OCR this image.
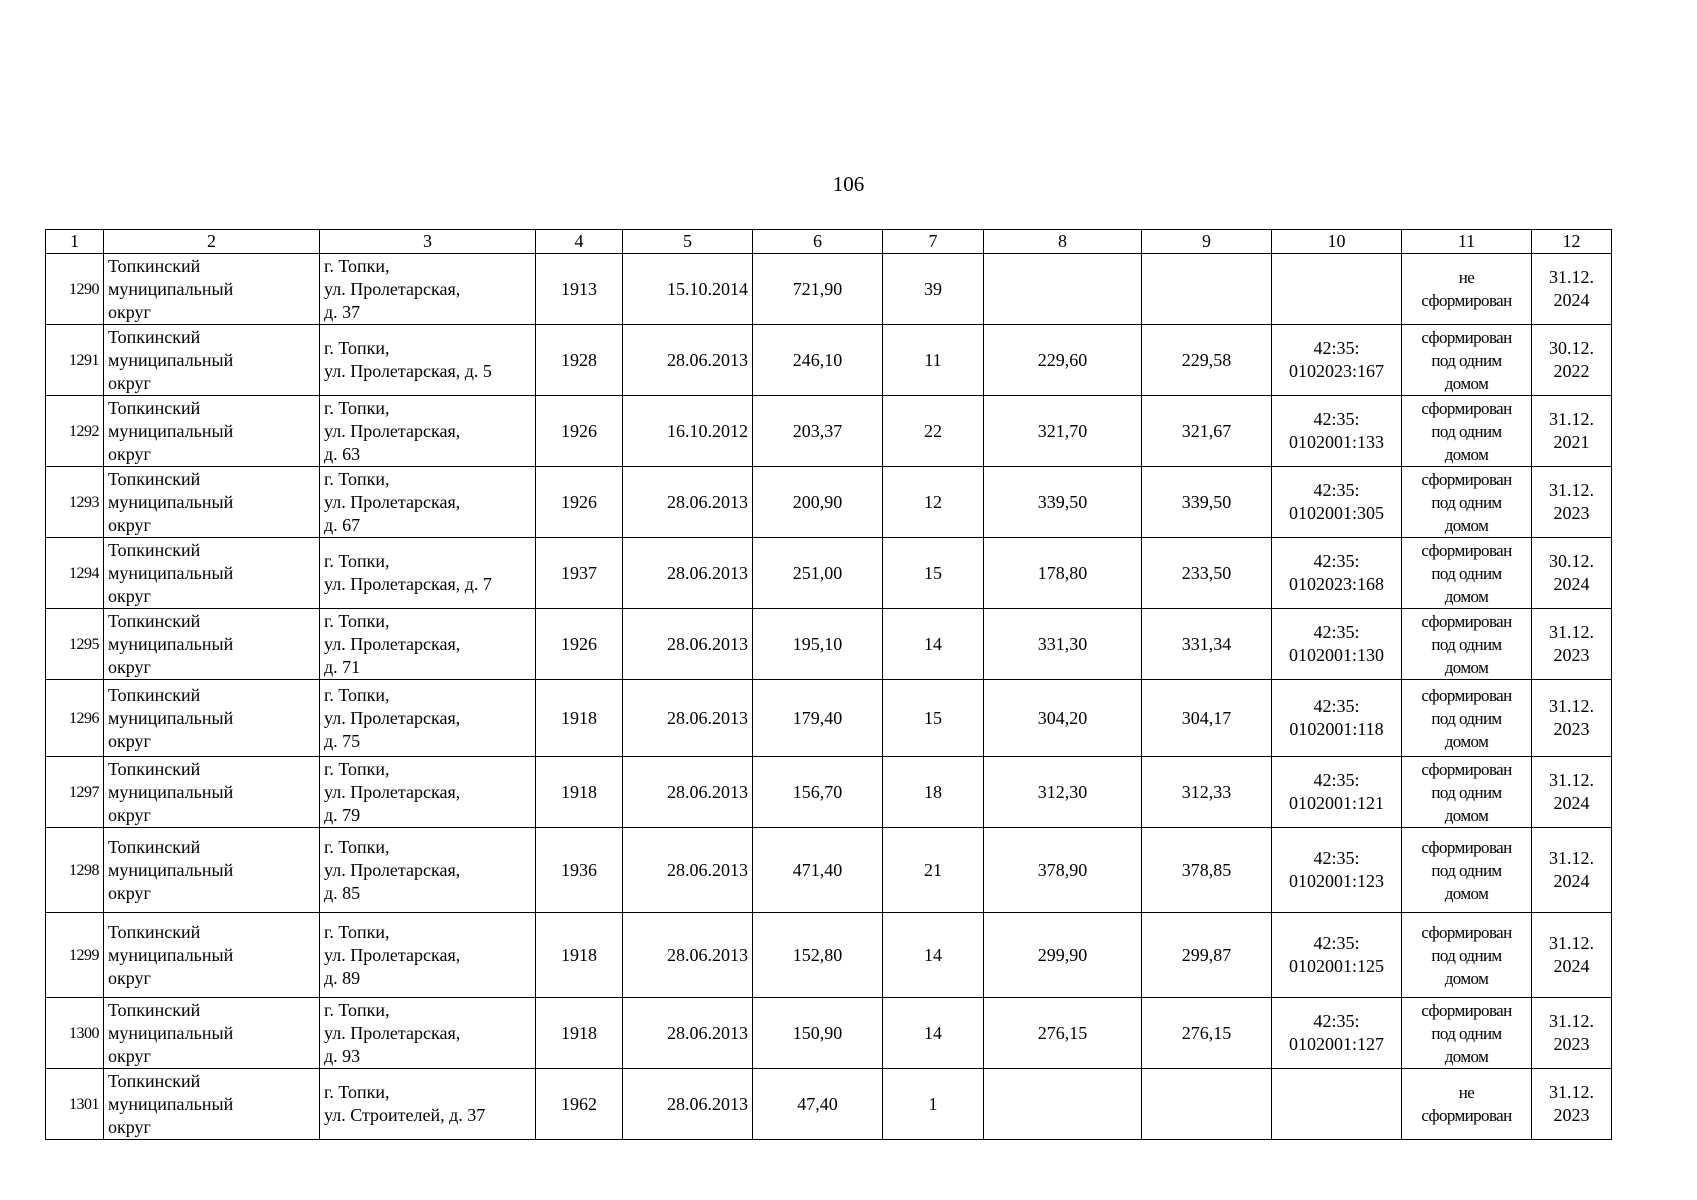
106
1	2	3	4	5	6	7	8	9	10	11	12

1290	Топкинский
муниципальный
округ	г. Топки,
ул. Пролетарская,
д. 37	1913	15.10.2014	721,90	39				не
сформирован	31.12.
2024

1291	Топкинский
муниципальный
округ	г. Топки,
ул. Пролетарская, д. 5	1928	28.06.2013	246,10	11	229,60	229,58	42:35:
0102023:167	сформирован
под одним
домом	30.12.
2022

1292	Топкинский
муниципальный
округ	г. Топки,
ул. Пролетарская,
д. 63	1926	16.10.2012	203,37	22	321,70	321,67	42:35:
0102001:133	сформирован
под одним
домом	31.12.
2021

1293	Топкинский
муниципальный
округ	г. Топки,
ул. Пролетарская,
д. 67	1926	28.06.2013	200,90	12	339,50	339,50	42:35:
0102001:305	сформирован
под одним
домом	31.12.
2023

1294	Топкинский
муниципальный
округ	г. Топки,
ул. Пролетарская, д. 7	1937	28.06.2013	251,00	15	178,80	233,50	42:35:
0102023:168	сформирован
под одним
домом	30.12.
2024

1295	Топкинский
муниципальный
округ	г. Топки,
ул. Пролетарская,
д. 71	1926	28.06.2013	195,10	14	331,30	331,34	42:35:
0102001:130	сформирован
под одним
домом	31.12.
2023

1296	Топкинский
муниципальный
округ	г. Топки,
ул. Пролетарская,
д. 75	1918	28.06.2013	179,40	15	304,20	304,17	42:35:
0102001:118	сформирован
под одним
домом	31.12.
2023

1297	Топкинский
муниципальный
округ	г. Топки,
ул. Пролетарская,
д. 79	1918	28.06.2013	156,70	18	312,30	312,33	42:35:
0102001:121	сформирован
под одним
домом	31.12.
2024

1298	Топкинский
муниципальный
округ	г. Топки,
ул. Пролетарская,
д. 85	1936	28.06.2013	471,40	21	378,90	378,85	42:35:
0102001:123	сформирован
под одним
домом	31.12.
2024

1299	Топкинский
муниципальный
округ	г. Топки,
ул. Пролетарская,
д. 89	1918	28.06.2013	152,80	14	299,90	299,87	42:35:
0102001:125	сформирован
под одним
домом	31.12.
2024

1300	Топкинский
муниципальный
округ	г. Топки,
ул. Пролетарская,
д. 93	1918	28.06.2013	150,90	14	276,15	276,15	42:35:
0102001:127	сформирован
под одним
домом	31.12.
2023

1301	Топкинский
муниципальный
округ	г. Топки,
ул. Строителей, д. 37	1962	28.06.2013	47,40	1				не
сформирован	31.12.
2023
